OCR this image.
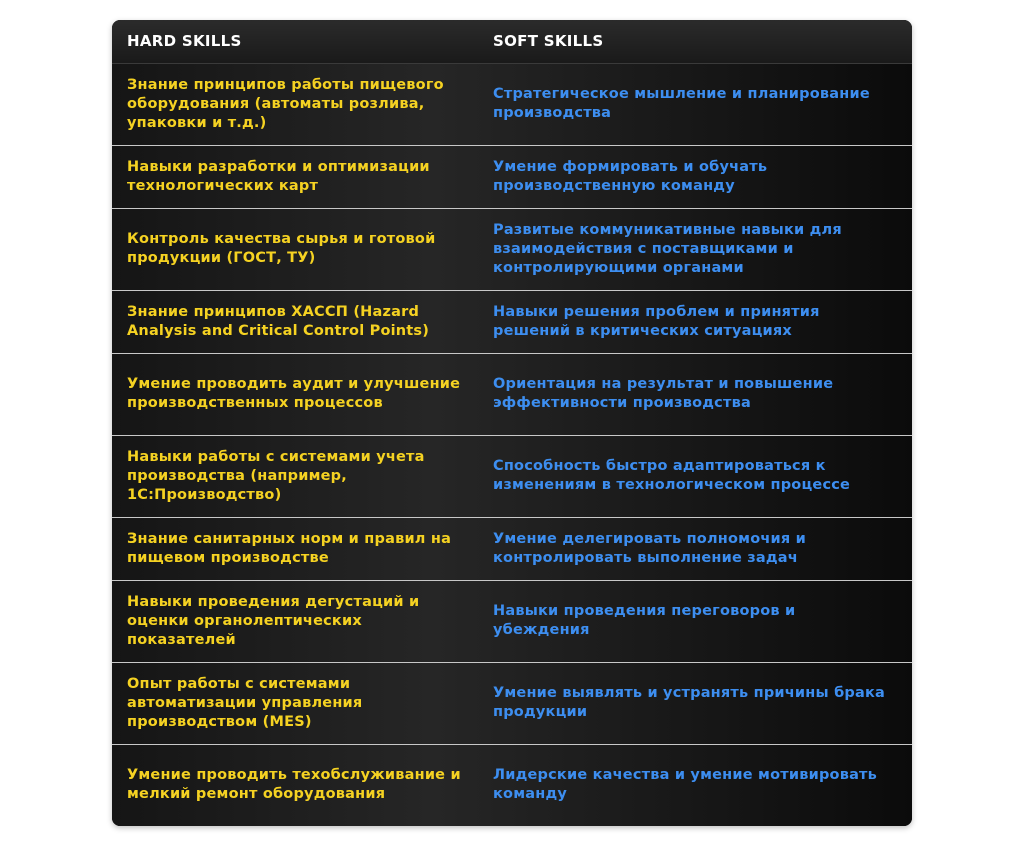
HARD SKILLS	SOFT SKILLS
Знание принципов работы пищевого оборудования (автоматы розлива, упаковки и т.д.)	Стратегическое мышление и планирование производства
Навыки разработки и оптимизации технологических карт	Умение формировать и обучать производственную команду
Контроль качества сырья и готовой продукции (ГОСТ, ТУ)	Развитые коммуникативные навыки для взаимодействия с поставщиками и контролирующими органами
Знание принципов ХАССП (Hazard Analysis and Critical Control Points)	Навыки решения проблем и принятия решений в критических ситуациях
Умение проводить аудит и улучшение производственных процессов	Ориентация на результат и повышение эффективности производства
Навыки работы с системами учета производства (например, 1С:Производство)	Способность быстро адаптироваться к изменениям в технологическом процессе
Знание санитарных норм и правил на пищевом производстве	Умение делегировать полномочия и контролировать выполнение задач
Навыки проведения дегустаций и оценки органолептических показателей	Навыки проведения переговоров и убеждения
Опыт работы с системами автоматизации управления производством (MES)	Умение выявлять и устранять причины брака продукции
Умение проводить техобслуживание и мелкий ремонт оборудования	Лидерские качества и умение мотивировать команду
